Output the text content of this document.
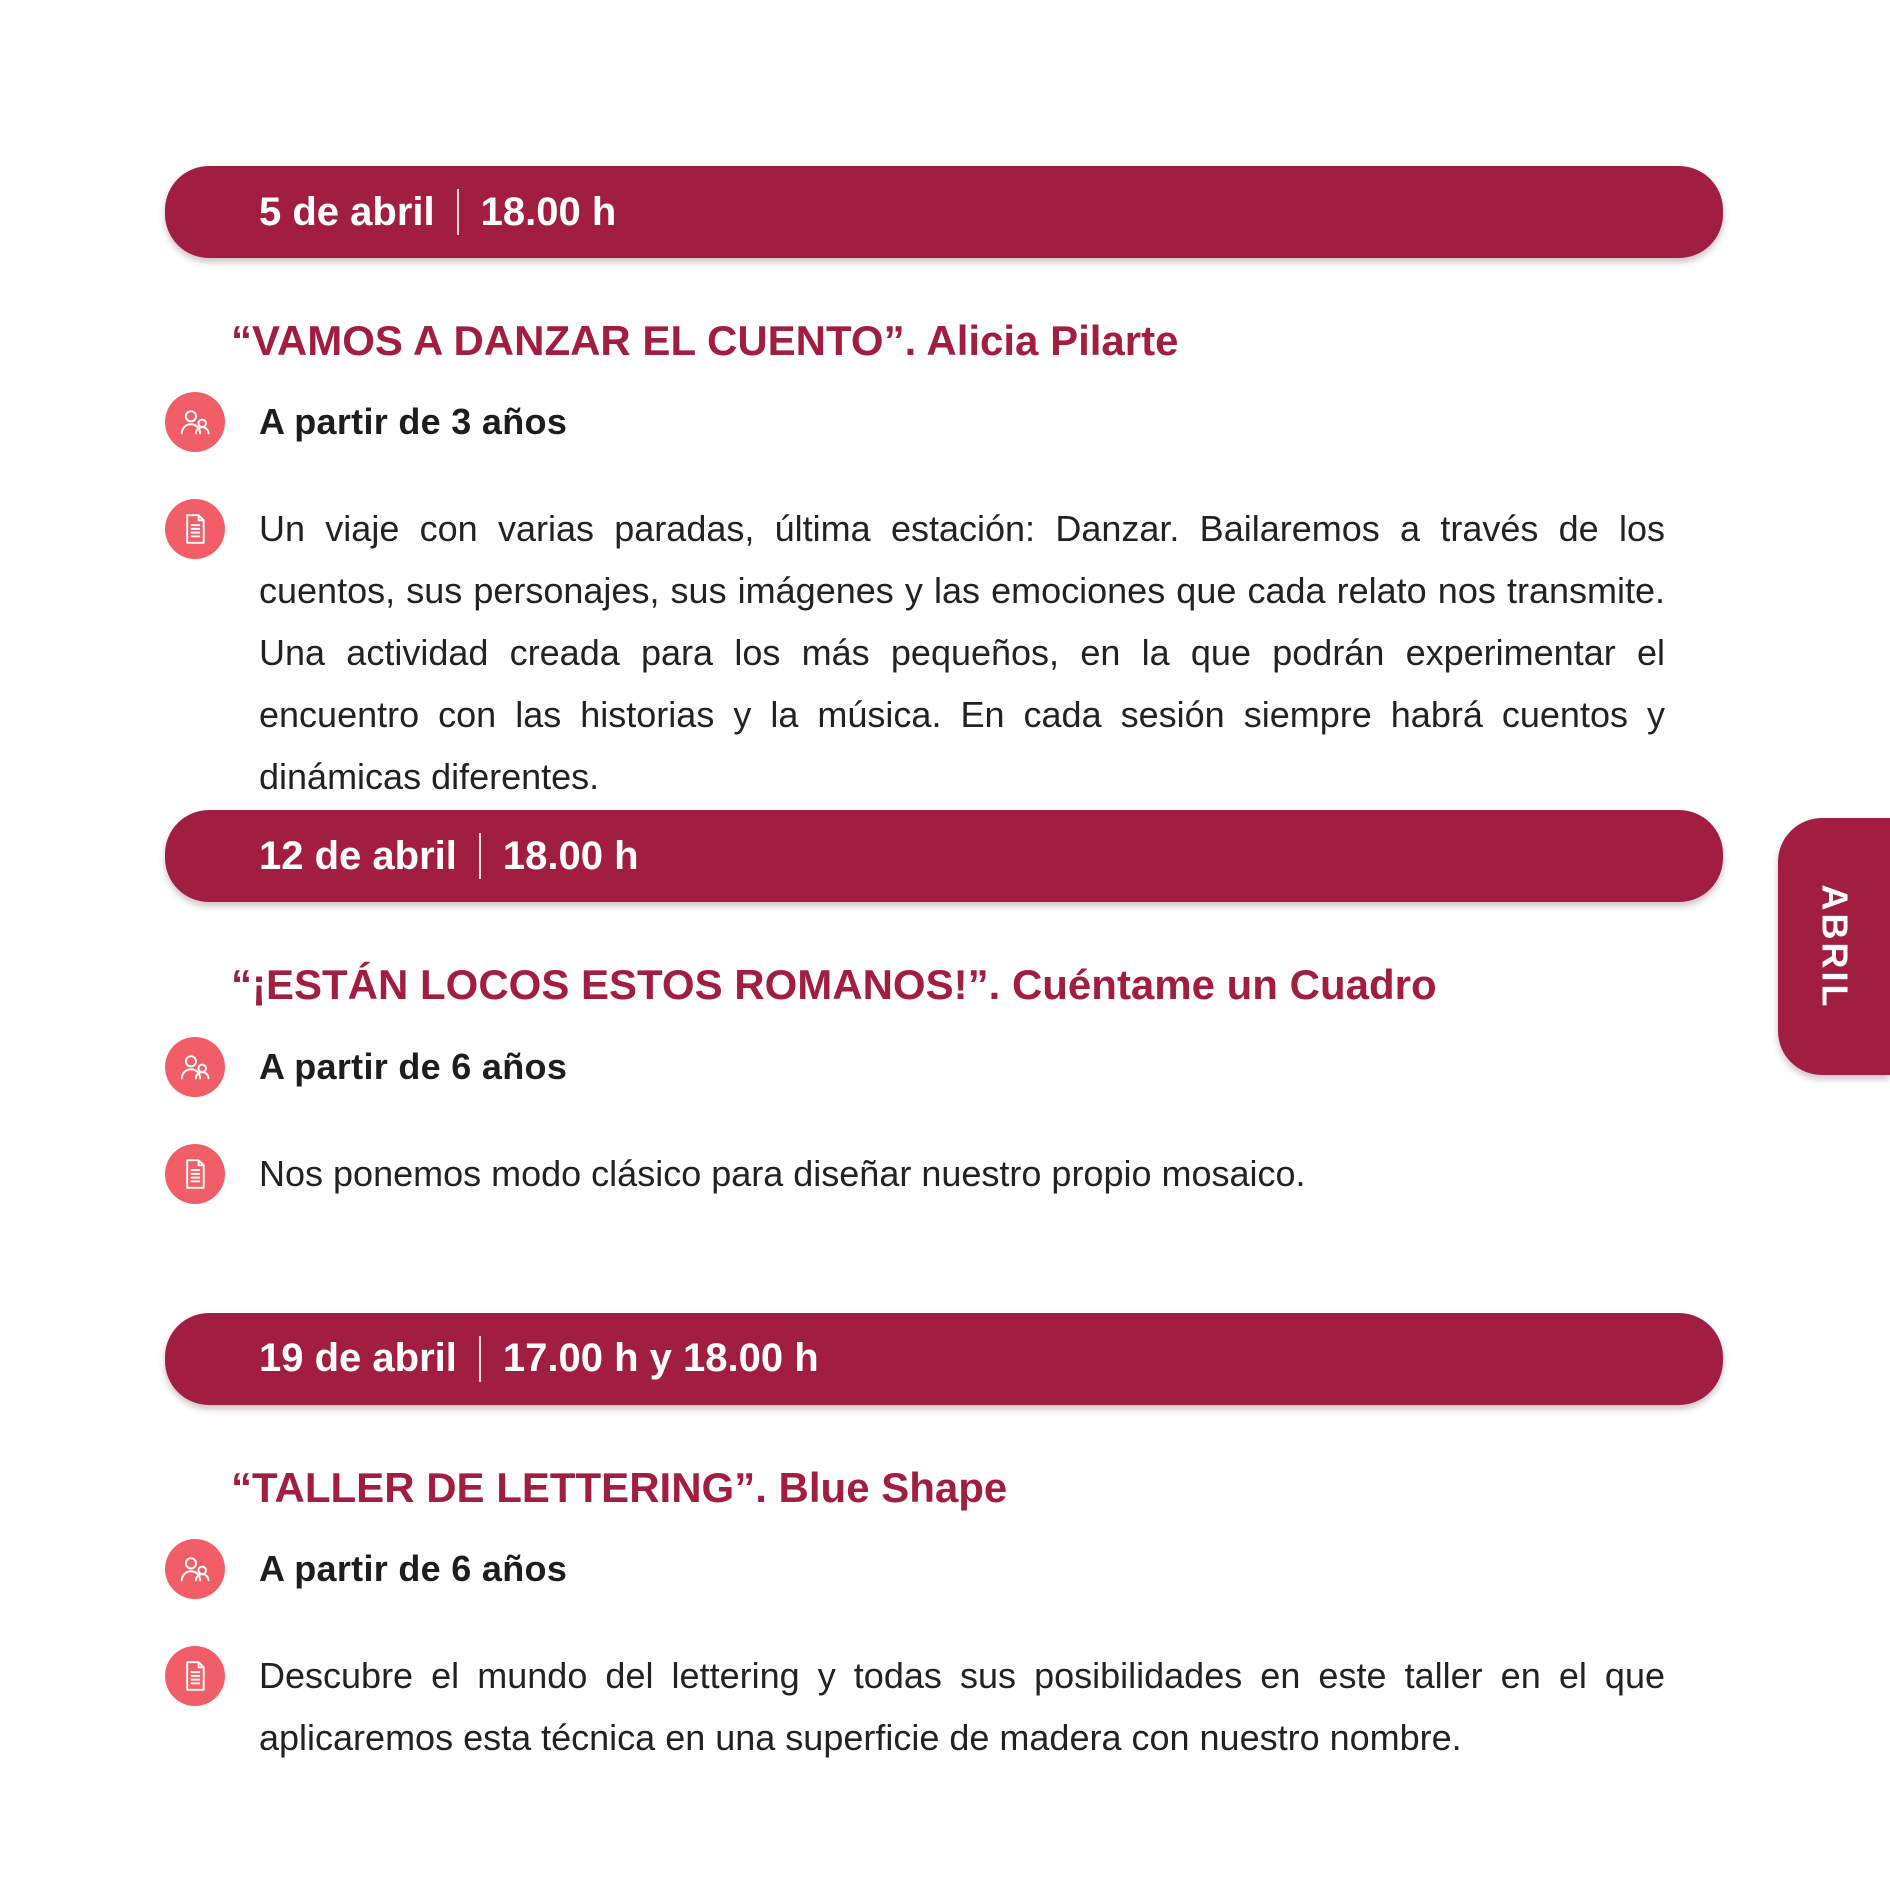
5 de abril 18.00 h
“VAMOS A DANZAR EL CUENTO”. Alicia Pilarte
A partir de 3 años

Un viaje con varias paradas, última estación: Danzar. Bailaremos a través de los cuentos, sus personajes, sus imágenes y las emociones que cada relato nos transmite. Una actividad creada para los más pequeños, en la que podrán experimentar el encuentro con las historias y la música. En cada sesión siempre habrá cuentos y dinámicas diferentes.

12 de abril 18.00 h
“¡ESTÁN LOCOS ESTOS ROMANOS!”. Cuéntame un Cuadro
A partir de 6 años

Nos ponemos modo clásico para diseñar nuestro propio mosaico.

19 de abril 17.00 h y 18.00 h
“TALLER DE LETTERING”. Blue Shape
A partir de 6 años

Descubre el mundo del lettering y todas sus posibilidades en este taller en el que aplicaremos esta técnica en una superficie de madera con nuestro nombre.

ABRIL
